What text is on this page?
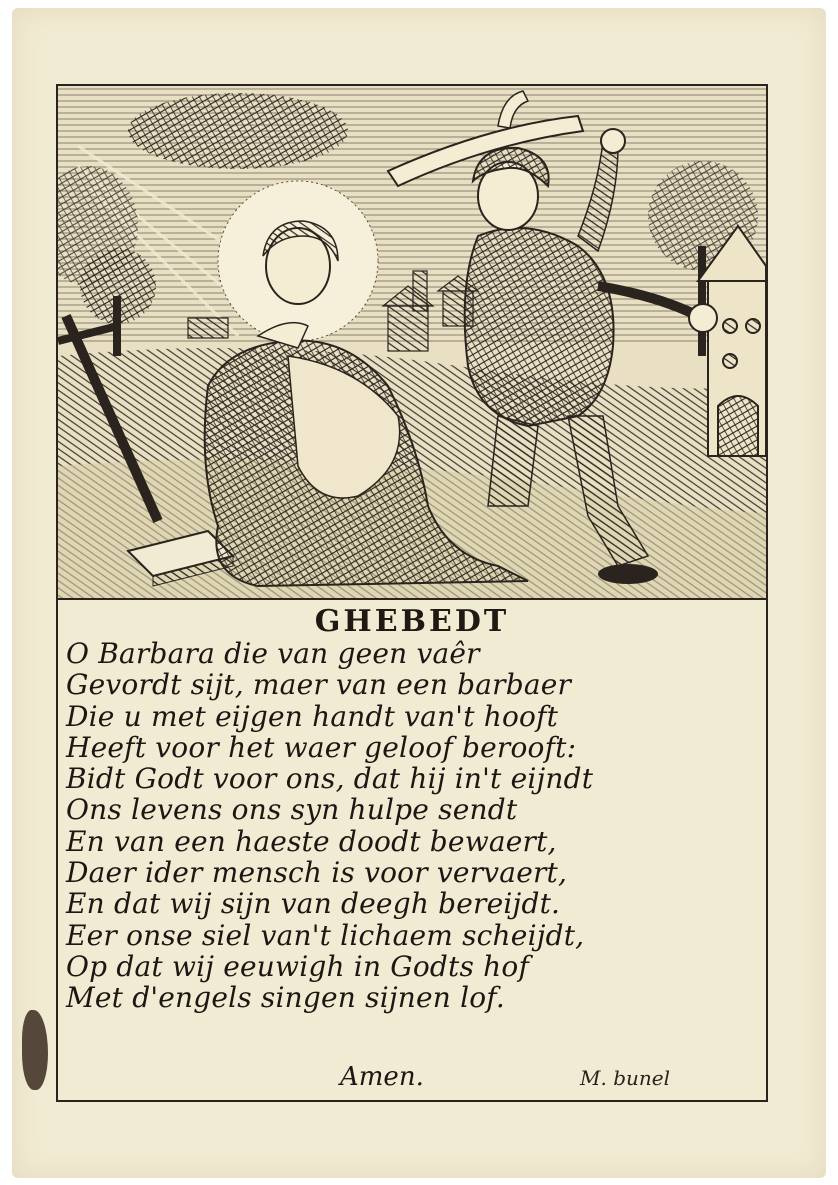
GHEBEDT
O Barbara die van geen vaêr
Gevordt sijt, maer van een barbaer
Die u met eijgen handt van't hooft
Heeft voor het waer geloof berooft:
Bidt Godt voor ons, dat hij in't eijndt
Ons levens ons syn hulpe sendt
En van een haeste doodt bewaert,
Daer ider mensch is voor vervaert,
En dat wij sijn van deegh bereijdt.
Eer onse siel van't lichaem scheijdt,
Op dat wij eeuwigh in Godts hof
Met d'engels singen sijnen lof.
Amen.	M. bunel
